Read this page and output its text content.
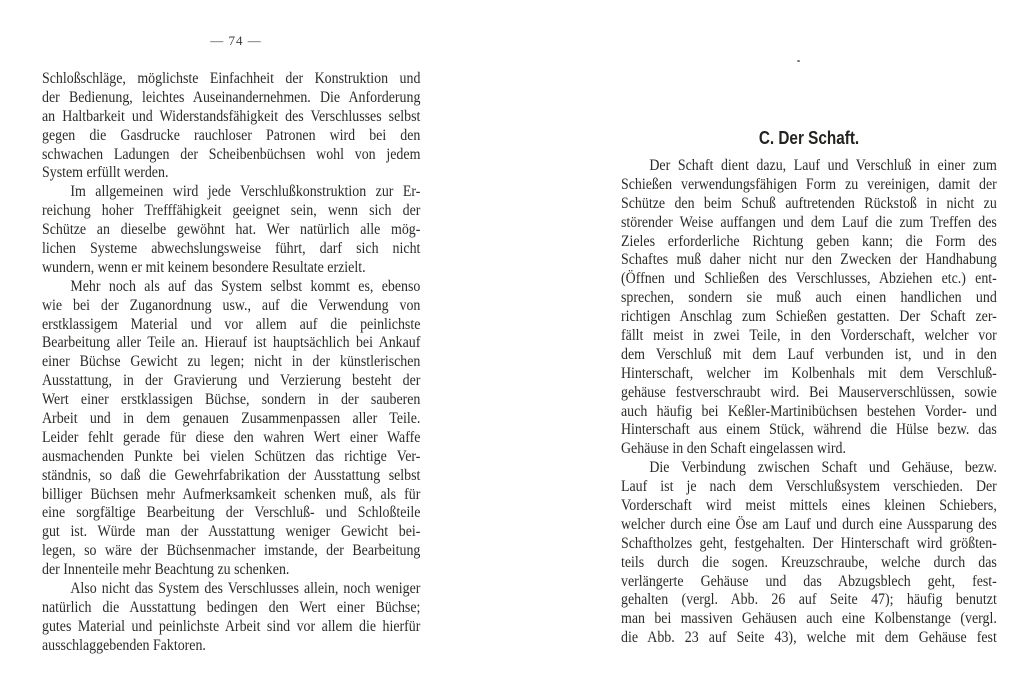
— 74 —
Schloßschläge, möglichste Einfachheit der Konstruktion und
der Bedienung, leichtes Auseinandernehmen. Die Anforderung
an Haltbarkeit und Widerstandsfähigkeit des Verschlusses selbst
gegen die Gasdrucke rauchloser Patronen wird bei den
schwachen Ladungen der Scheibenbüchsen wohl von jedem
System erfüllt werden.
Im allgemeinen wird jede Verschlußkonstruktion zur Er-
reichung hoher Trefffähigkeit geeignet sein, wenn sich der
Schütze an dieselbe gewöhnt hat. Wer natürlich alle mög-
lichen Systeme abwechslungsweise führt, darf sich nicht
wundern, wenn er mit keinem besondere Resultate erzielt.
Mehr noch als auf das System selbst kommt es, ebenso
wie bei der Zuganordnung usw., auf die Verwendung von
erstklassigem Material und vor allem auf die peinlichste
Bearbeitung aller Teile an. Hierauf ist hauptsächlich bei Ankauf
einer Büchse Gewicht zu legen; nicht in der künstlerischen
Ausstattung, in der Gravierung und Verzierung besteht der
Wert einer erstklassigen Büchse, sondern in der sauberen
Arbeit und in dem genauen Zusammenpassen aller Teile.
Leider fehlt gerade für diese den wahren Wert einer Waffe
ausmachenden Punkte bei vielen Schützen das richtige Ver-
ständnis, so daß die Gewehrfabrikation der Ausstattung selbst
billiger Büchsen mehr Aufmerksamkeit schenken muß, als für
eine sorgfältige Bearbeitung der Verschluß- und Schloßteile
gut ist. Würde man der Ausstattung weniger Gewicht bei-
legen, so wäre der Büchsenmacher imstande, der Bearbeitung
der Innenteile mehr Beachtung zu schenken.
Also nicht das System des Verschlusses allein, noch weniger
natürlich die Ausstattung bedingen den Wert einer Büchse;
gutes Material und peinlichste Arbeit sind vor allem die hierfür
ausschlaggebenden Faktoren.
C. Der Schaft.
Der Schaft dient dazu, Lauf und Verschluß in einer zum
Schießen verwendungsfähigen Form zu vereinigen, damit der
Schütze den beim Schuß auftretenden Rückstoß in nicht zu
störender Weise auffangen und dem Lauf die zum Treffen des
Zieles erforderliche Richtung geben kann; die Form des
Schaftes muß daher nicht nur den Zwecken der Handhabung
(Öffnen und Schließen des Verschlusses, Abziehen etc.) ent-
sprechen, sondern sie muß auch einen handlichen und
richtigen Anschlag zum Schießen gestatten. Der Schaft zer-
fällt meist in zwei Teile, in den Vorderschaft, welcher vor
dem Verschluß mit dem Lauf verbunden ist, und in den
Hinterschaft, welcher im Kolbenhals mit dem Verschluß-
gehäuse festverschraubt wird. Bei Mauserverschlüssen, sowie
auch häufig bei Keßler-Martinibüchsen bestehen Vorder- und
Hinterschaft aus einem Stück, während die Hülse bezw. das
Gehäuse in den Schaft eingelassen wird.
Die Verbindung zwischen Schaft und Gehäuse, bezw.
Lauf ist je nach dem Verschlußsystem verschieden. Der
Vorderschaft wird meist mittels eines kleinen Schiebers,
welcher durch eine Öse am Lauf und durch eine Aussparung des
Schaftholzes geht, festgehalten. Der Hinterschaft wird größten-
teils durch die sogen. Kreuzschraube, welche durch das
verlängerte Gehäuse und das Abzugsblech geht, fest-
gehalten (vergl. Abb. 26 auf Seite 47); häufig benutzt
man bei massiven Gehäusen auch eine Kolbenstange (vergl.
die Abb. 23 auf Seite 43), welche mit dem Gehäuse fest
